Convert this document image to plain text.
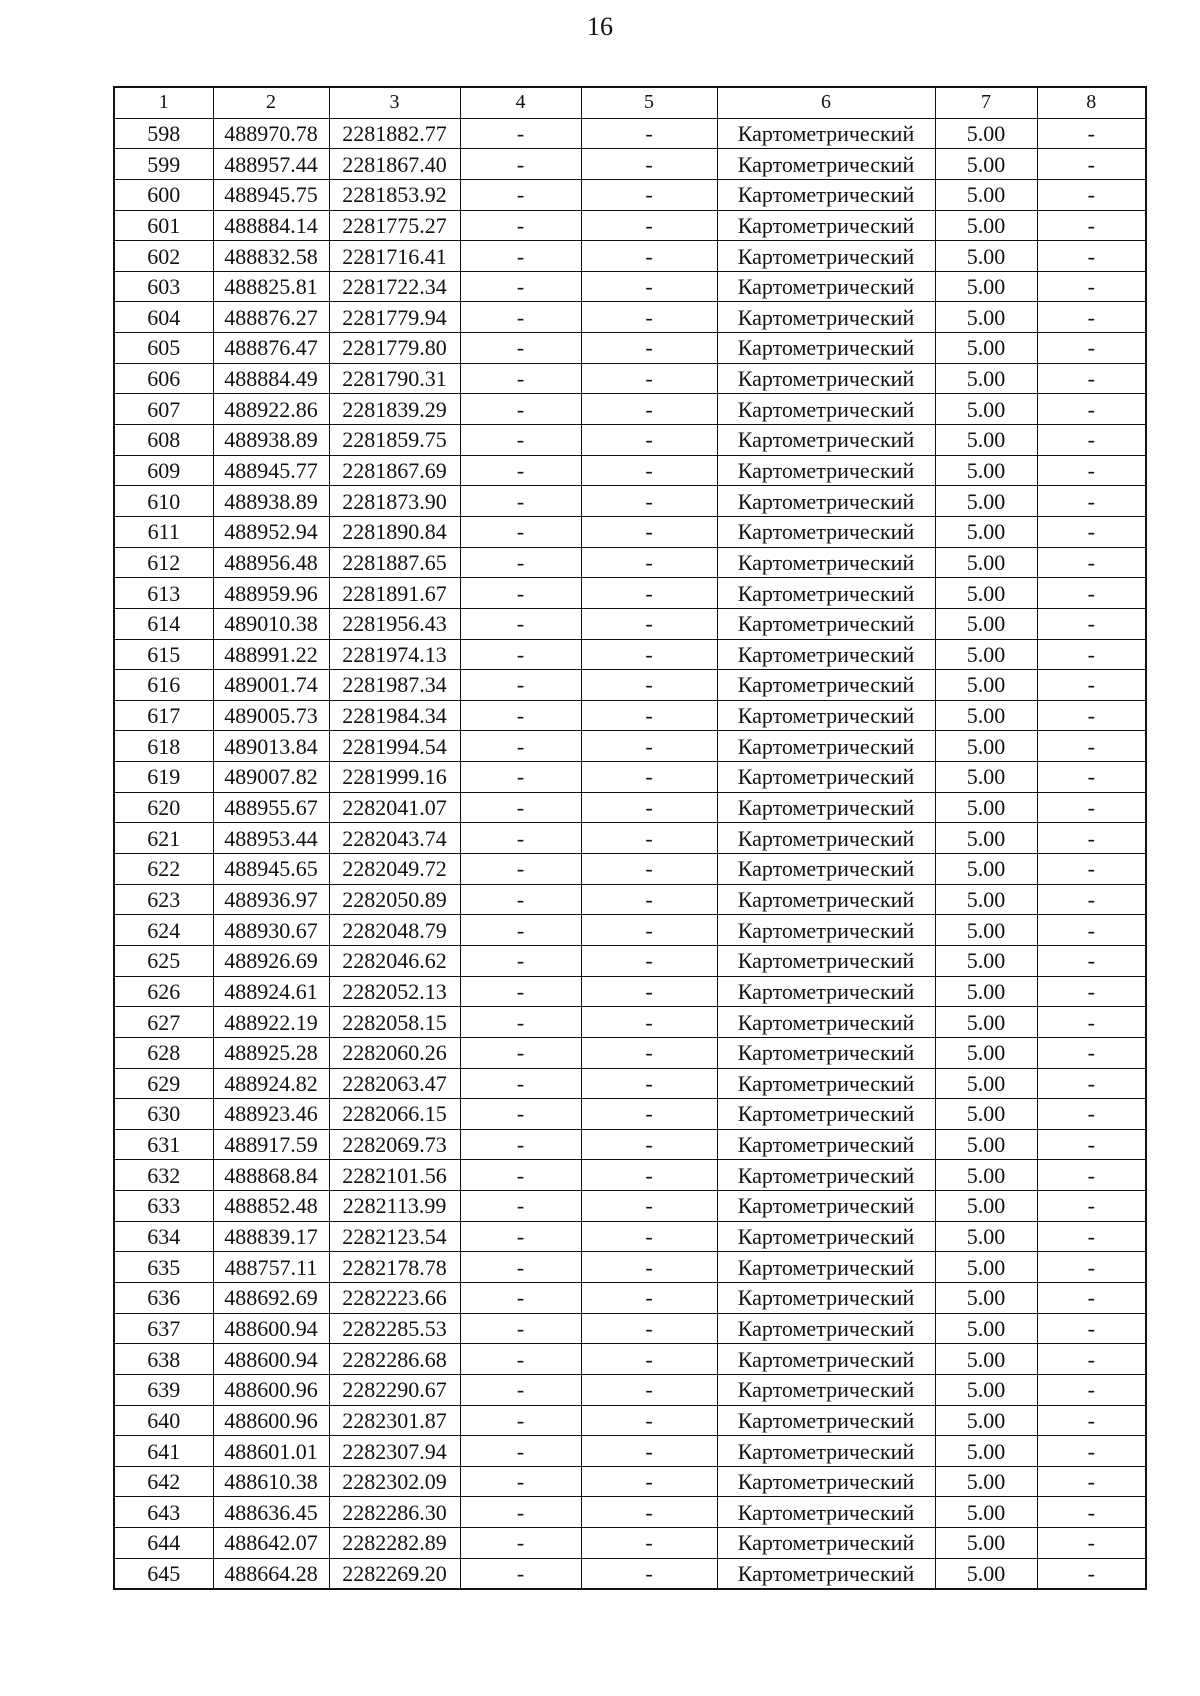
16
1	2	3	4	5	6	7	8
598	488970.78	2281882.77	-	-	Картометрический	5.00	-
599	488957.44	2281867.40	-	-	Картометрический	5.00	-
600	488945.75	2281853.92	-	-	Картометрический	5.00	-
601	488884.14	2281775.27	-	-	Картометрический	5.00	-
602	488832.58	2281716.41	-	-	Картометрический	5.00	-
603	488825.81	2281722.34	-	-	Картометрический	5.00	-
604	488876.27	2281779.94	-	-	Картометрический	5.00	-
605	488876.47	2281779.80	-	-	Картометрический	5.00	-
606	488884.49	2281790.31	-	-	Картометрический	5.00	-
607	488922.86	2281839.29	-	-	Картометрический	5.00	-
608	488938.89	2281859.75	-	-	Картометрический	5.00	-
609	488945.77	2281867.69	-	-	Картометрический	5.00	-
610	488938.89	2281873.90	-	-	Картометрический	5.00	-
611	488952.94	2281890.84	-	-	Картометрический	5.00	-
612	488956.48	2281887.65	-	-	Картометрический	5.00	-
613	488959.96	2281891.67	-	-	Картометрический	5.00	-
614	489010.38	2281956.43	-	-	Картометрический	5.00	-
615	488991.22	2281974.13	-	-	Картометрический	5.00	-
616	489001.74	2281987.34	-	-	Картометрический	5.00	-
617	489005.73	2281984.34	-	-	Картометрический	5.00	-
618	489013.84	2281994.54	-	-	Картометрический	5.00	-
619	489007.82	2281999.16	-	-	Картометрический	5.00	-
620	488955.67	2282041.07	-	-	Картометрический	5.00	-
621	488953.44	2282043.74	-	-	Картометрический	5.00	-
622	488945.65	2282049.72	-	-	Картометрический	5.00	-
623	488936.97	2282050.89	-	-	Картометрический	5.00	-
624	488930.67	2282048.79	-	-	Картометрический	5.00	-
625	488926.69	2282046.62	-	-	Картометрический	5.00	-
626	488924.61	2282052.13	-	-	Картометрический	5.00	-
627	488922.19	2282058.15	-	-	Картометрический	5.00	-
628	488925.28	2282060.26	-	-	Картометрический	5.00	-
629	488924.82	2282063.47	-	-	Картометрический	5.00	-
630	488923.46	2282066.15	-	-	Картометрический	5.00	-
631	488917.59	2282069.73	-	-	Картометрический	5.00	-
632	488868.84	2282101.56	-	-	Картометрический	5.00	-
633	488852.48	2282113.99	-	-	Картометрический	5.00	-
634	488839.17	2282123.54	-	-	Картометрический	5.00	-
635	488757.11	2282178.78	-	-	Картометрический	5.00	-
636	488692.69	2282223.66	-	-	Картометрический	5.00	-
637	488600.94	2282285.53	-	-	Картометрический	5.00	-
638	488600.94	2282286.68	-	-	Картометрический	5.00	-
639	488600.96	2282290.67	-	-	Картометрический	5.00	-
640	488600.96	2282301.87	-	-	Картометрический	5.00	-
641	488601.01	2282307.94	-	-	Картометрический	5.00	-
642	488610.38	2282302.09	-	-	Картометрический	5.00	-
643	488636.45	2282286.30	-	-	Картометрический	5.00	-
644	488642.07	2282282.89	-	-	Картометрический	5.00	-
645	488664.28	2282269.20	-	-	Картометрический	5.00	-
